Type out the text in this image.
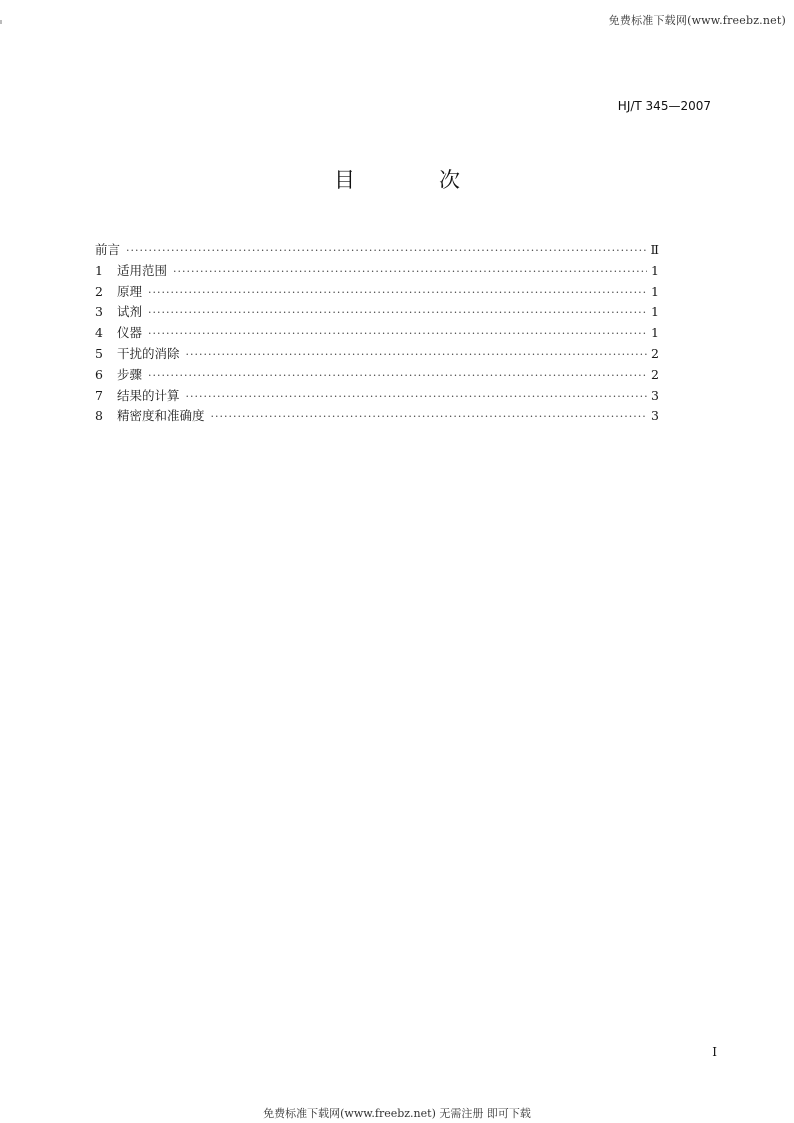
免费标准下载网(www.freebz.net)
HJ/T 345—2007
目	次
前言 ·····	Ⅱ
1	适用范围 ·····	1
2	原理 ·····	1
3	试剂 ·····	1
4	仪器 ·····	1
5	干扰的消除 ·····	2
6	步骤 ·····	2
7	结果的计算 ·····	3
8	精密度和准确度 ·····	3
I
免费标准下载网(www.freebz.net) 无需注册 即可下载
